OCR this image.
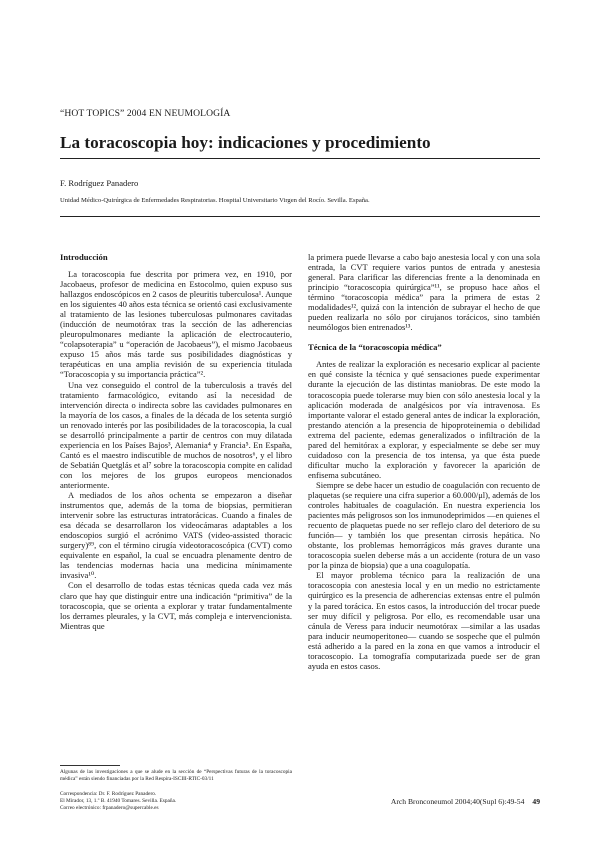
“HOT TOPICS” 2004 EN NEUMOLOGÍA
La toracoscopia hoy: indicaciones y procedimiento
F. Rodríguez Panadero
Unidad Médico-Quirúrgica de Enfermedades Respiratorias. Hospital Universitario Virgen del Rocío. Sevilla. España.
Introducción

La toracoscopia fue descrita por primera vez, en 1910, por Jacobaeus, profesor de medicina en Estocolmo, quien expuso sus hallazgos endoscópicos en 2 casos de pleuritis tuberculosa¹. Aunque en los siguientes 40 años esta técnica se orientó casi exclusivamente al tratamiento de las lesiones tuberculosas pulmonares cavitadas (inducción de neumotórax tras la sección de las adherencias pleuropulmonares mediante la aplicación de electrocauterio, “colapsoterapia” u “operación de Jacobaeus”), el mismo Jacobaeus expuso 15 años más tarde sus posibilidades diagnósticas y terapéuticas en una amplia revisión de su experiencia titulada “Toracoscopia y su importancia práctica”².

Una vez conseguido el control de la tuberculosis a través del tratamiento farmacológico, evitando así la necesidad de intervención directa o indirecta sobre las cavidades pulmonares en la mayoría de los casos, a finales de la década de los setenta surgió un renovado interés por las posibilidades de la toracoscopia, la cual se desarrolló principalmente a partir de centros con muy dilatada experiencia en los Países Bajos³, Alemania⁴ y Francia⁵. En España, Cantó es el maestro indiscutible de muchos de nosotros⁶, y el libro de Sebatián Quetglás et al⁷ sobre la toracoscopia compite en calidad con los mejores de los grupos europeos mencionados anteriormente.

A mediados de los años ochenta se empezaron a diseñar instrumentos que, además de la toma de biopsias, permitieran intervenir sobre las estructuras intratorácicas. Cuando a finales de esa década se desarrollaron los videocámaras adaptables a los endoscopios surgió el acrónimo VATS (video-assisted thoracic surgery)⁸⁹, con el término cirugía videotoracoscópica (CVT) como equivalente en español, la cual se encuadra plenamente dentro de las tendencias modernas hacia una medicina mínimamente invasiva¹⁰.

Con el desarrollo de todas estas técnicas queda cada vez más claro que hay que distinguir entre una indicación “primitiva” de la toracoscopia, que se orienta a explorar y tratar fundamentalmente los derrames pleurales, y la CVT, más compleja e intervencionista. Mientras que

la primera puede llevarse a cabo bajo anestesia local y con una sola entrada, la CVT requiere varios puntos de entrada y anestesia general. Para clarificar las diferencias frente a la denominada en principio “toracoscopia quirúrgica”¹¹, se propuso hace años el término “toracoscopia médica” para la primera de estas 2 modalidades¹², quizá con la intención de subrayar el hecho de que pueden realizarla no sólo por cirujanos torácicos, sino también neumólogos bien entrenados¹³.

Técnica de la “toracoscopia médica”

Antes de realizar la exploración es necesario explicar al paciente en qué consiste la técnica y qué sensaciones puede experimentar durante la ejecución de las distintas maniobras. De este modo la toracoscopia puede tolerarse muy bien con sólo anestesia local y la aplicación moderada de analgésicos por vía intravenosa. Es importante valorar el estado general antes de indicar la exploración, prestando atención a la presencia de hipoproteinemia o debilidad extrema del paciente, edemas generalizados o infiltración de la pared del hemitórax a explorar, y especialmente se debe ser muy cuidadoso con la presencia de tos intensa, ya que ésta puede dificultar mucho la exploración y favorecer la aparición de enfisema subcutáneo.

Siempre se debe hacer un estudio de coagulación con recuento de plaquetas (se requiere una cifra superior a 60.000/μl), además de los controles habituales de coagulación. En nuestra experiencia los pacientes más peligrosos son los inmunodeprimidos —en quienes el recuento de plaquetas puede no ser reflejo claro del deterioro de su función— y también los que presentan cirrosis hepática. No obstante, los problemas hemorrágicos más graves durante una toracoscopia suelen deberse más a un accidente (rotura de un vaso por la pinza de biopsia) que a una coagulopatía.

El mayor problema técnico para la realización de una toracoscopia con anestesia local y en un medio no estrictamente quirúrgico es la presencia de adherencias extensas entre el pulmón y la pared torácica. En estos casos, la introducción del trocar puede ser muy difícil y peligrosa. Por ello, es recomendable usar una cánula de Veress para inducir neumotórax —similar a las usadas para inducir neumoperitoneo— cuando se sospeche que el pulmón está adherido a la pared en la zona en que vamos a introducir el toracoscopio. La tomografía computarizada puede ser de gran ayuda en estos casos.

Algunas de las investigaciones a que se alude en la sección de “Perspectivas futuras de la toracoscopia médica” están siendo financiadas por la Red Respira-ISCIII-RTIC-03/11
Correspondencia: Dr. F. Rodríguez Panadero.
El Mirador, 13, 1.º B. 41940 Tomares. Sevilla. España.
Correo electrónico: frpanadero@supercable.es
Arch Bronconeumol 2004;40(Supl 6):49-54 49
